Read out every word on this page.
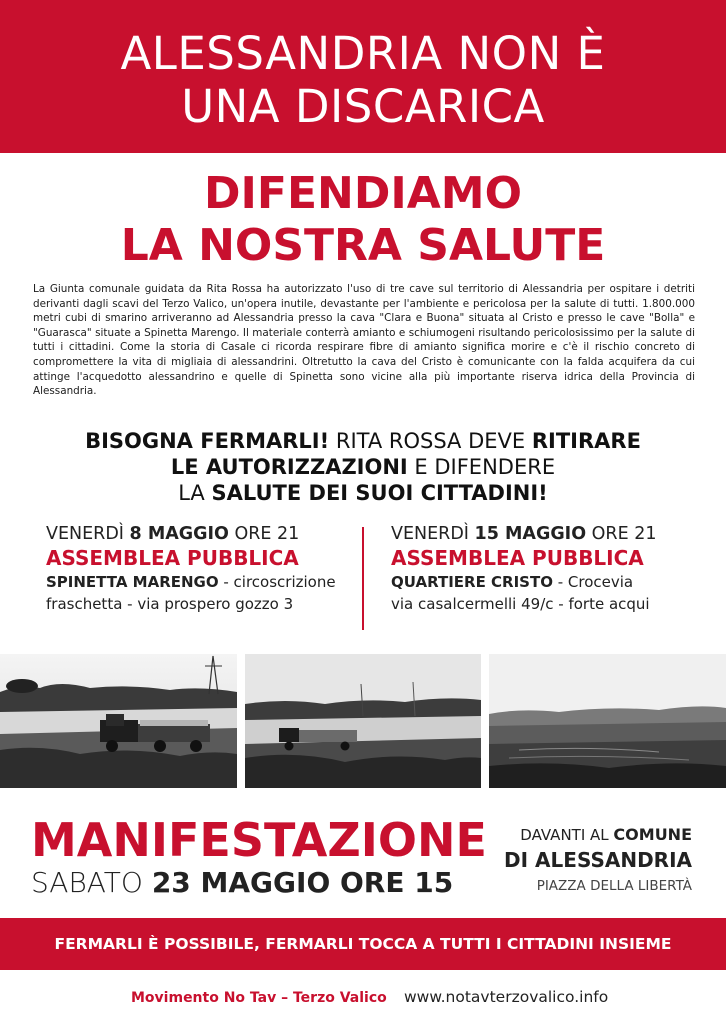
ALESSANDRIA NON È
UNA DISCARICA
DIFENDIAMO
LA NOSTRA SALUTE
La Giunta comunale guidata da Rita Rossa ha autorizzato l'uso di tre cave sul territorio di Alessandria per ospitare i detriti derivanti dagli scavi del Terzo Valico, un'opera inutile, devastante per l'ambiente e pericolosa per la salute di tutti. 1.800.000 metri cubi di smarino arriveranno ad Alessandria presso la cava "Clara e Buona" situata al Cristo e presso le cave "Bolla" e "Guarasca" situate a Spinetta Marengo. Il materiale conterrà amianto e schiumogeni risultando pericolosissimo per la salute di tutti i cittadini. Come la storia di Casale ci ricorda respirare fibre di amianto significa morire e c'è il rischio concreto di compromettere la vita di migliaia di alessandrini. Oltretutto la cava del Cristo è comunicante con la falda acquifera da cui attinge l'acquedotto alessandrino e quelle di Spinetta sono vicine alla più importante riserva idrica della Provincia di Alessandria.
BISOGNA FERMARLI! RITA ROSSA DEVE RITIRARE
LE AUTORIZZAZIONI E DIFENDERE
LA SALUTE DEI SUOI CITTADINI!
VENERDÌ 8 MAGGIO ORE 21
ASSEMBLEA PUBBLICA
SPINETTA MARENGO - circoscrizione
fraschetta - via prospero gozzo 3
VENERDÌ 15 MAGGIO ORE 21
ASSEMBLEA PUBBLICA
QUARTIERE CRISTO - Crocevia
via casalcermelli 49/c - forte acqui
MANIFESTAZIONE
SABATO 23 MAGGIO ORE 15
DAVANTI AL COMUNE
DI ALESSANDRIA
PIAZZA DELLA LIBERTÀ
FERMARLI È POSSIBILE, FERMARLI TOCCA A TUTTI I CITTADINI INSIEME
Movimento No Tav – Terzo Valico www.notavterzovalico.info
